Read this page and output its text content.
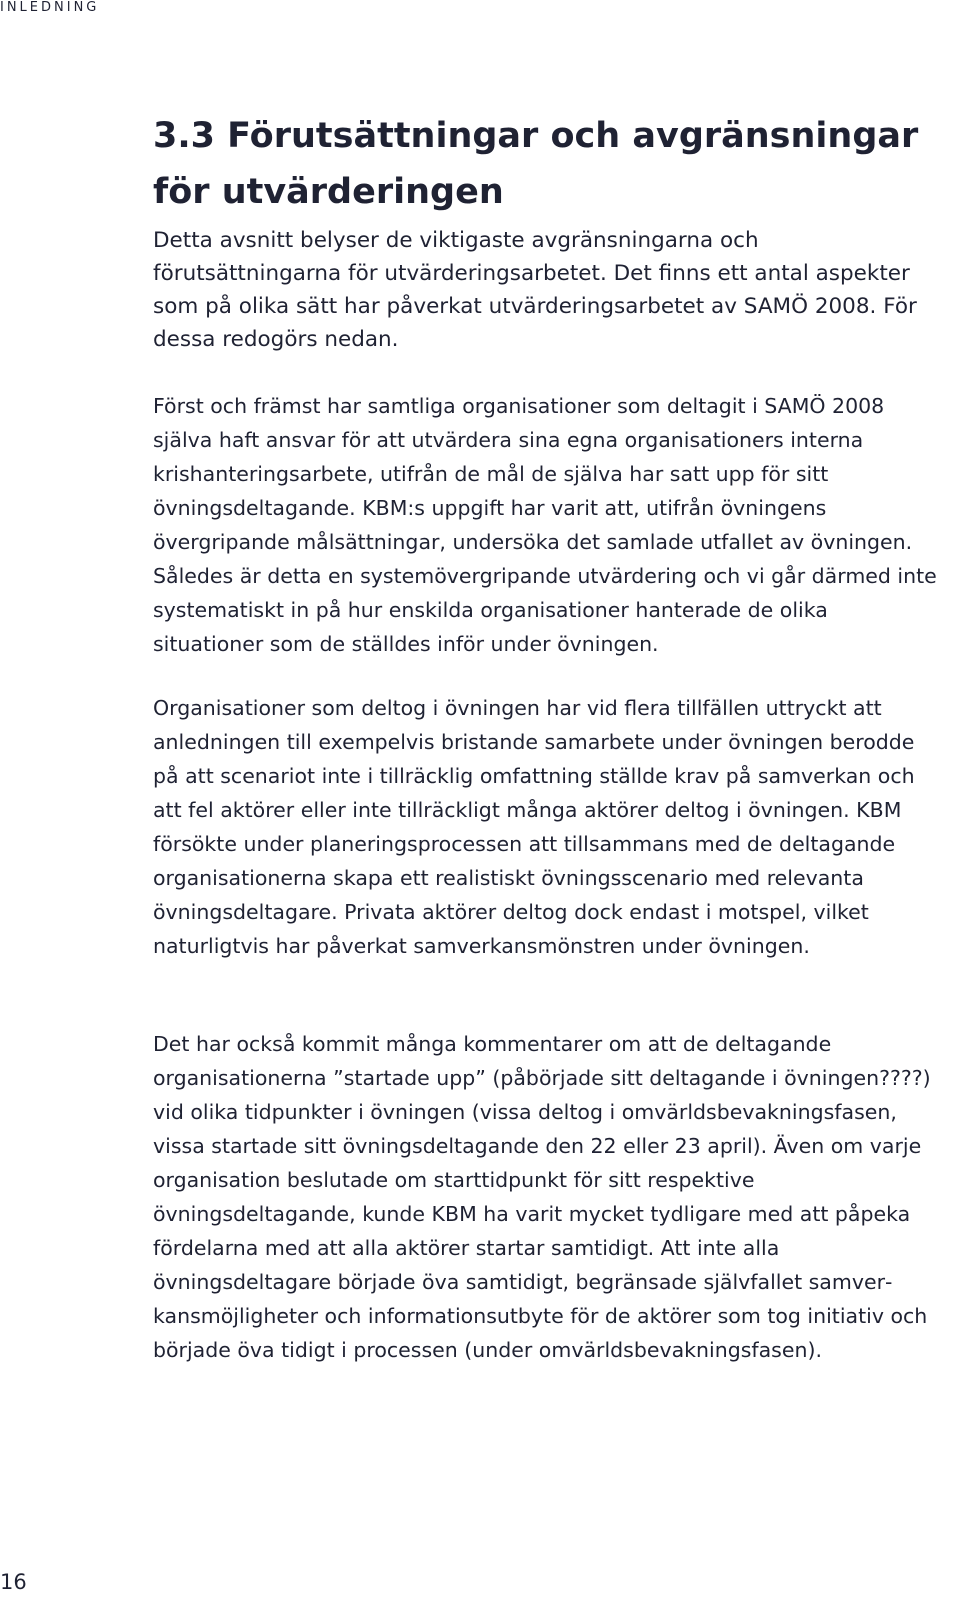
INLEDNING
3.3 Förutsättningar och avgränsningar för utvärderingen

Detta avsnitt belyser de viktigaste avgränsningarna och förutsättningarna för utvärderingsarbetet. Det finns ett antal aspekter som på olika sätt har påverkat utvärderingsarbetet av SAMÖ 2008. För dessa redogörs nedan.

Först och främst har samtliga organisationer som deltagit i SAMÖ 2008 själva haft ansvar för att utvärdera sina egna organisationers interna krishanteringsarbete, utifrån de mål de själva har satt upp för sitt övningsdeltagande. KBM:s uppgift har varit att, utifrån övningens övergripande målsättningar, undersöka det samlade utfallet av övningen. Således är detta en systemövergripande utvärdering och vi går därmed inte systematiskt in på hur enskilda organisationer hanterade de olika situationer som de ställdes inför under övningen.

Organisationer som deltog i övningen har vid flera tillfällen uttryckt att anledningen till exempelvis bristande samarbete under övningen berodde på att scenariot inte i tillräcklig omfattning ställde krav på samverkan och att fel aktörer eller inte tillräckligt många aktörer deltog i övningen. KBM försökte under planeringsprocessen att tillsammans med de deltagande organisationerna skapa ett realistiskt övningsscenario med relevanta övningsdeltagare. Privata aktörer deltog dock endast i motspel, vilket naturligtvis har påverkat samverkansmönstren under övningen.

Det har också kommit många kommentarer om att de deltagande organisationerna ”startade upp” (påbörjade sitt deltagande i övningen????) vid olika tidpunkter i övningen (vissa deltog i omvärldsbevakningsfasen, vissa startade sitt övningsdeltagande den 22 eller 23 april). Även om varje organisation beslutade om starttidpunkt för sitt respektive övningsdeltagande, kunde KBM ha varit mycket tydligare med att påpeka fördelarna med att alla aktörer startar samtidigt. Att inte alla övningsdeltagare började öva samtidigt, begränsade självfallet samverkansmöjligheter och informationsutbyte för de aktörer som tog initiativ och började öva tidigt i processen (under omvärldsbevakningsfasen).

16
